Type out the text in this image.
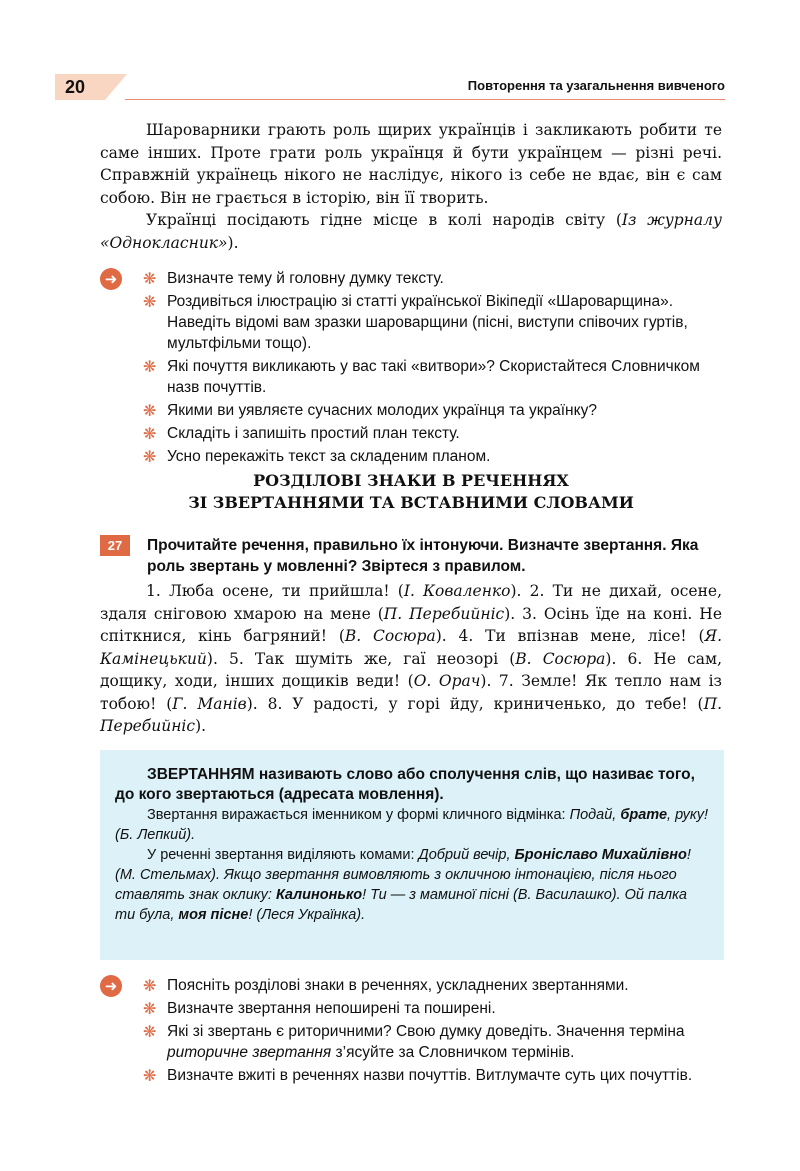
20	Повторення та узагальнення вивченого

Шароварники грають роль щирих українців і закликають робити те саме інших. Проте грати роль українця й бути українцем — різні речі. Справжній українець нікого не наслідує, нікого із себе не вдає, він є сам собою. Він не грається в історію, він її творить.

Українці посідають гідне місце в колі народів світу (Із журналу «Однокласник»).

➜ ❋ Визначте тему й головну думку тексту.
❋ Роздивіться ілюстрацію зі статті української Вікіпедії «Шароварщина». Наведіть відомі вам зразки шароварщини (пісні, виступи співочих гуртів, мультфільми тощо).
❋ Які почуття викликають у вас такі «витвори»? Скористайтеся Словничком назв почуттів.
❋ Якими ви уявляєте сучасних молодих українця та українку?
❋ Складіть і запишіть простий план тексту.
❋ Усно перекажіть текст за складеним планом.
РОЗДІЛОВІ ЗНАКИ В РЕЧЕННЯХ
ЗІ ЗВЕРТАННЯМИ ТА ВСТАВНИМИ СЛОВАМИ
27	Прочитайте речення, правильно їх інтонуючи. Визначте звертання. Яка роль звертань у мовленні? Звіртеся з правилом.

1. Люба осене, ти прийшла! (І. Коваленко). 2. Ти не дихай, осене, здаля сніговою хмарою на мене (П. Перебийніс). 3. Осінь їде на коні. Не спіткнися, кінь багряний! (В. Сосюра). 4. Ти впізнав мене, лісе! (Я. Камінецький). 5. Так шуміть же, гаї неозорі (В. Сосюра). 6. Не сам, дощику, ходи, інших дощиків веди! (О. Орач). 7. Земле! Як тепло нам із тобою! (Г. Манів). 8. У радості, у горі йду, криниченько, до тебе! (П. Перебийніс).

ЗВЕРТАННЯМ називають слово або сполучення слів, що називає того, до кого звертаються (адресата мовлення).

Звертання виражається іменником у формі кличного відмінка: Подай, брате, руку! (Б. Лепкий).

У реченні звертання виділяють комами: Добрий вечір, Броніславо Михайлівно! (М. Стельмах). Якщо звертання вимовляють з окличною інтонацією, після нього ставлять знак оклику: Калинонько! Ти — з маминої пісні (В. Василашко). Ой палка ти була, моя пісне! (Леся Українка).

➜ ❋ Поясніть розділові знаки в реченнях, ускладнених звертаннями.
❋ Визначте звертання непоширені та поширені.
❋ Які зі звертань є риторичними? Свою думку доведіть. Значення терміна риторичне звертання з’ясуйте за Словничком термінів.
❋ Визначте вжиті в реченнях назви почуттів. Витлумачте суть цих почуттів.
